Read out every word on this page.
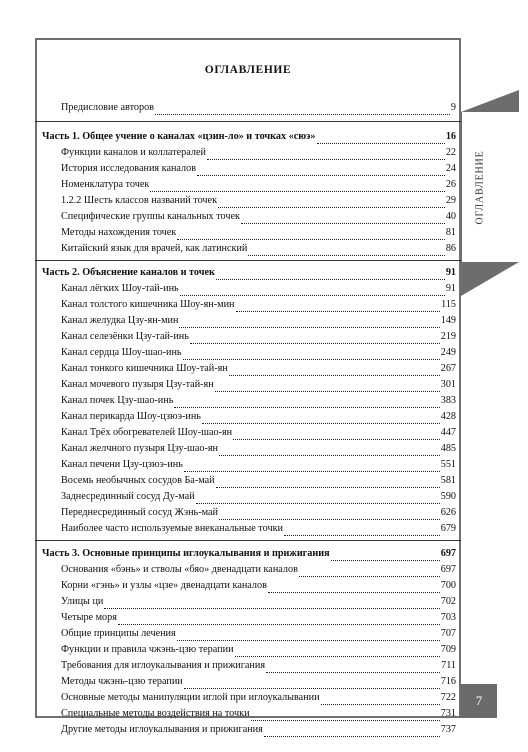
ОГЛАВЛЕНИЕ
Предисловие авторов	9
Часть 1. Общее учение о каналах «цзин-ло» и точках «сюэ»	16
Функции каналов и коллатералей	22
История исследования каналов	24
Номенклатура точек	26
1.2.2 Шесть классов названий точек	29
Специфические группы канальных точек	40
Методы нахождения точек	81
Китайский язык для врачей, как латинский	86
Часть 2. Объяснение каналов и точек	91
Канал лёгких Шоу-тай-инь	91
Канал толстого кишечника Шоу-ян-мин	115
Канал желудка Цзу-ян-мин	149
Канал селезёнки Цзу-тай-инь	219
Канал сердца Шоу-шао-инь	249
Канал тонкого кишечника Шоу-тай-ян	267
Канал мочевого пузыря Цзу-тай-ян	301
Канал почек Цзу-шао-инь	383
Канал перикарда Шоу-цзюэ-инь	428
Канал Трёх обогревателей Шоу-шао-ян	447
Канал желчного пузыря Цзу-шао-ян	485
Канал печени Цзу-цзюэ-инь	551
Восемь необычных сосудов Ба-май	581
Заднесрединный сосуд Ду-май	590
Переднесрединный сосуд Жэнь-май	626
Наиболее часто используемые внеканальные точки	679
Часть 3. Основные принципы иглоукалывания и прижигания	697
Основания «бэнь» и стволы «бяо» двенадцати каналов	697
Корни «гэнь» и узлы «цзе» двенадцати каналов	700
Улицы ци	702
Четыре моря	703
Общие принципы лечения	707
Функции и правила чжэнь-цзю терапии	709
Требования для иглоукалывания и прижигания	711
Методы чжэнь-цзю терапии	716
Основные методы манипуляции иглой при иглоукалывании	722
Специальные методы воздействия на точки	731
Другие методы иглоукалывания и прижигания	737
ОГЛАВЛЕНИЕ
7
